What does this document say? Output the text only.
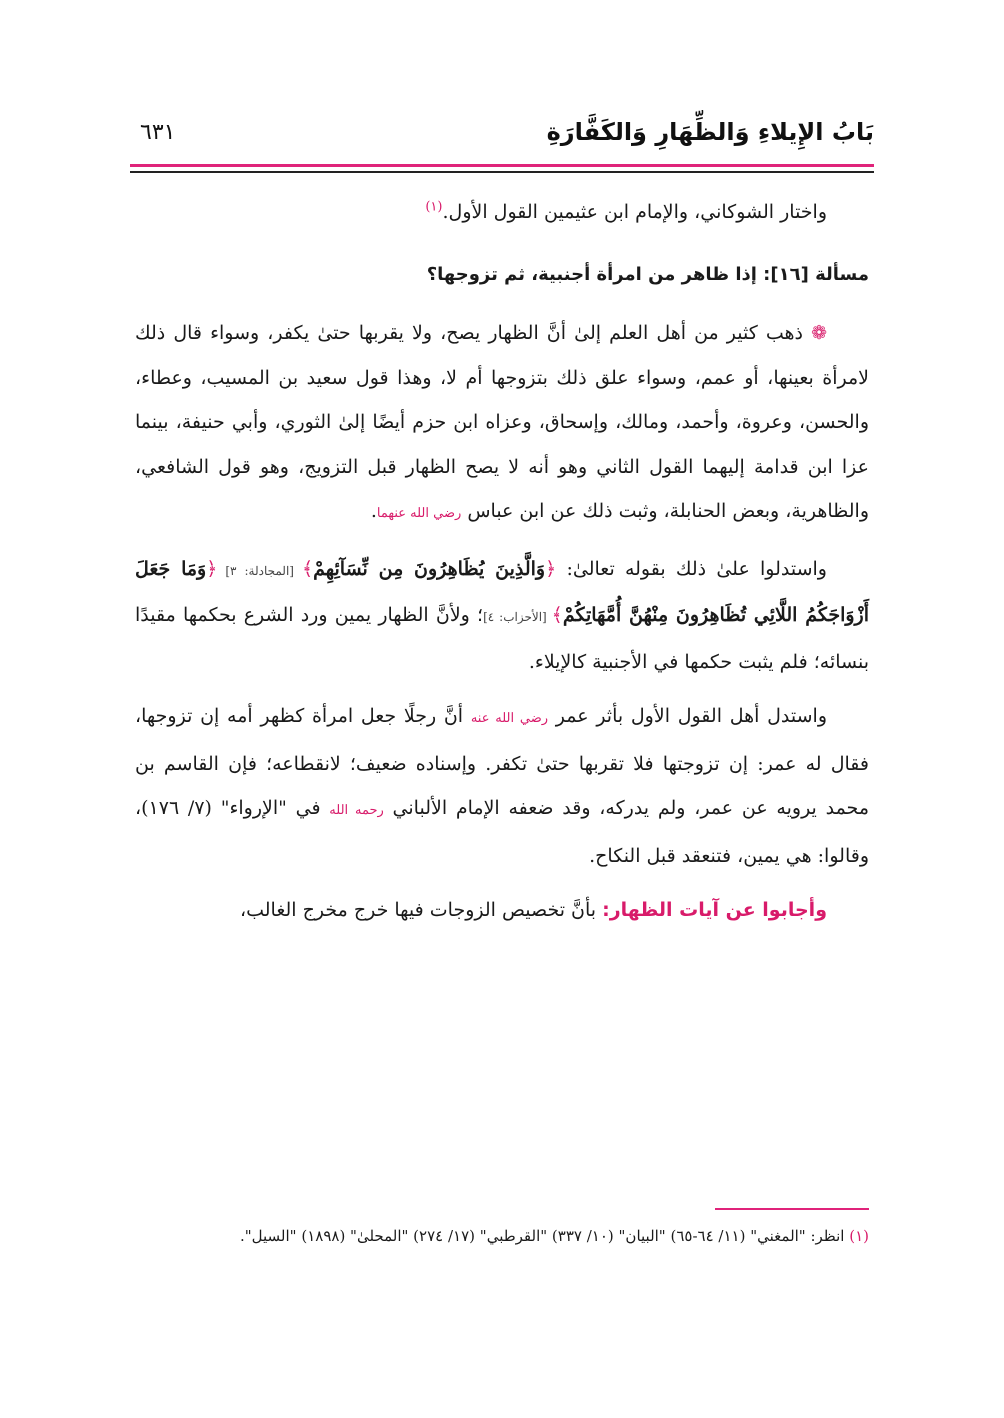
بَابُ الإِيلاءِ وَالظِّهَارِ وَالكَفَّارَةِ
٦٣١

واختار الشوكاني، والإمام ابن عثيمين القول الأول.$^{(١)}$

مسألة [١٦]: إذا ظاهر من امرأة أجنبية، ثم تزوجها؟

❁ ذهب كثير من أهل العلم إلىٰ أنَّ الظهار يصح، ولا يقربها حتىٰ يكفر، وسواء قال ذلك لامرأة بعينها، أو عمم، وسواء علق ذلك بتزوجها أم لا، وهذا قول سعيد بن المسيب، وعطاء، والحسن، وعروة، وأحمد، ومالك، وإسحاق، وعزاه ابن حزم أيضًا إلىٰ الثوري، وأبي حنيفة، بينما عزا ابن قدامة إليهما القول الثاني وهو أنه لا يصح الظهار قبل التزويج، وهو قول الشافعي، والظاهرية، وبعض الحنابلة، وثبت ذلك عن ابن عباس رضي الله عنهما.

واستدلوا علىٰ ذلك بقوله تعالىٰ: ﴿وَالَّذِينَ يُظَاهِرُونَ مِن نِّسَآئِهِمْ﴾ [المجادلة: ٣] ﴿وَمَا جَعَلَ أَزْوَاجَكُمُ اللَّائِي تُظَاهِرُونَ مِنْهُنَّ أُمَّهَاتِكُمْ﴾ [الأحزاب: ٤]؛ ولأنَّ الظهار يمين ورد الشرع بحكمها مقيدًا بنسائه؛ فلم يثبت حكمها في الأجنبية كالإيلاء.

واستدل أهل القول الأول بأثر عمر رضي الله عنه أنَّ رجلًا جعل امرأة كظهر أمه إن تزوجها، فقال له عمر: إن تزوجتها فلا تقربها حتىٰ تكفر. وإسناده ضعيف؛ لانقطاعه؛ فإن القاسم بن محمد يرويه عن عمر، ولم يدركه، وقد ضعفه الإمام الألباني رحمه الله في "الإرواء" (٧/ ١٧٦)، وقالوا: هي يمين، فتنعقد قبل النكاح.

وأجابوا عن آيات الظهار: بأنَّ تخصيص الزوجات فيها خرج مخرج الغالب،

(١) انظر: "المغني" (١١/ ٦٤-٦٥) "البيان" (١٠/ ٣٣٧) "القرطبي" (١٧/ ٢٧٤) "المحلىٰ" (١٨٩٨) "السيل".
